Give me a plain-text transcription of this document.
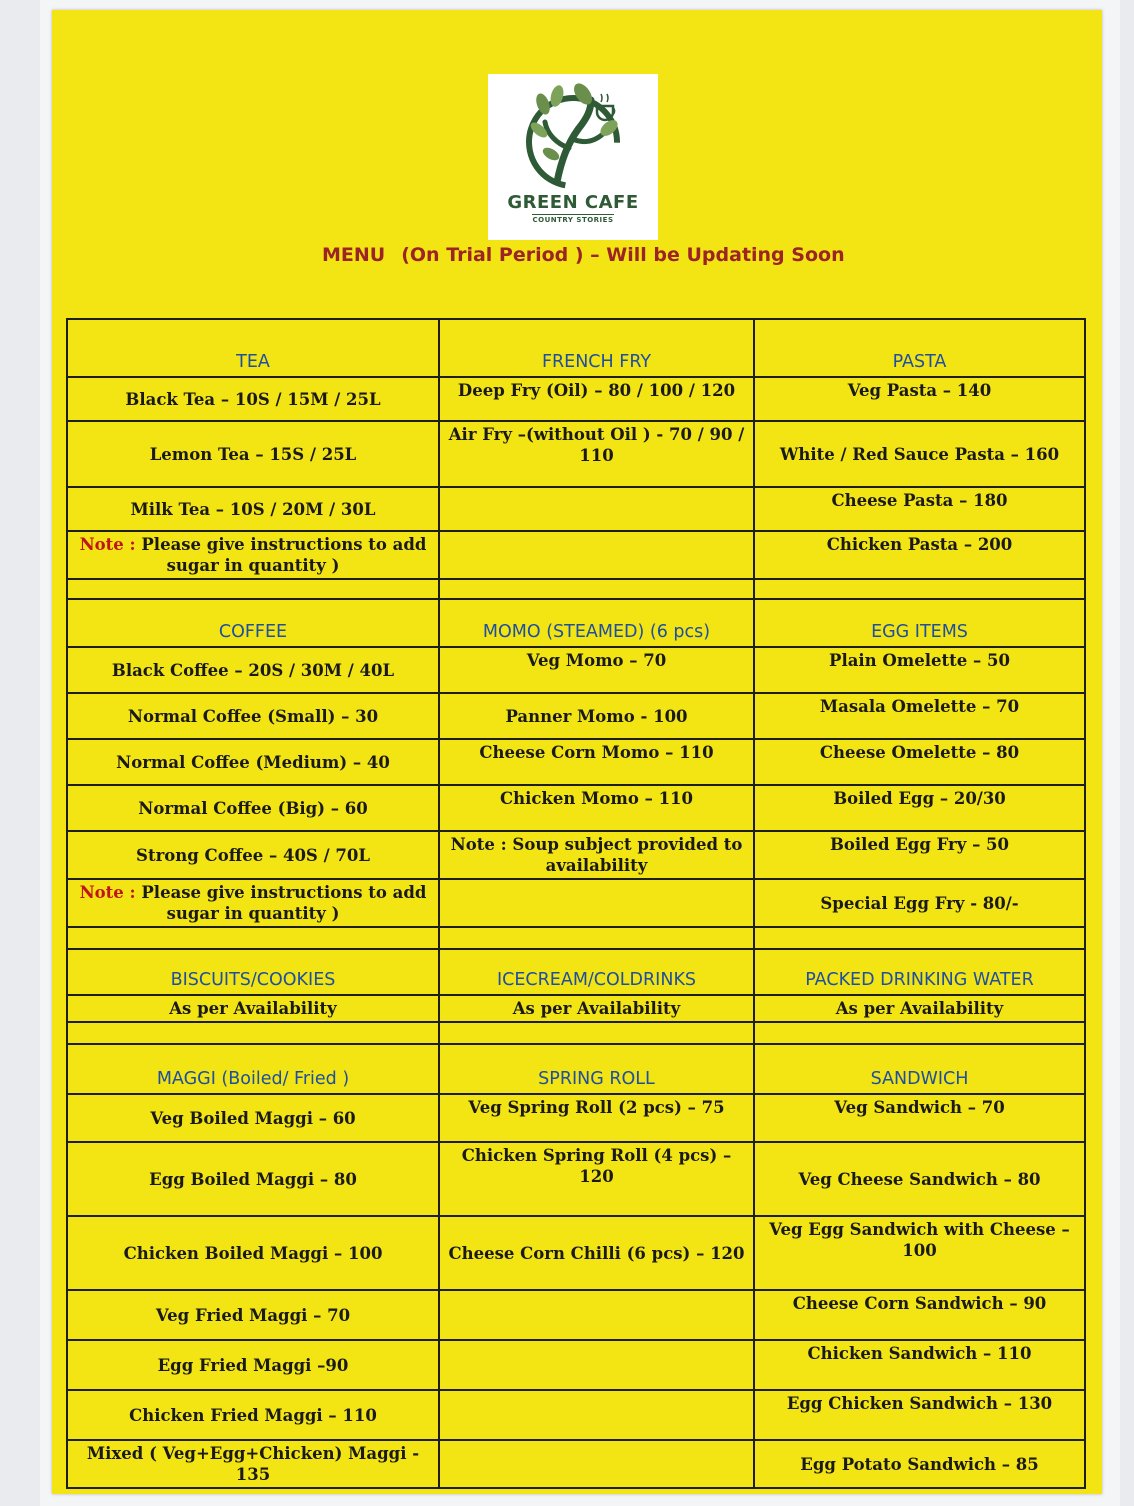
GREEN CAFE
COUNTRY STORIES
MENU (On Trial Period ) – Will be Updating Soon
TEA	FRENCH FRY	PASTA
Black Tea – 10S / 15M / 25L	Deep Fry (Oil) – 80 / 100 / 120	Veg Pasta – 140
Lemon Tea – 15S / 25L	Air Fry –(without Oil ) - 70 / 90 / 110	White / Red Sauce Pasta – 160
Milk Tea – 10S / 20M / 30L		Cheese Pasta – 180
Note : Please give instructions to add sugar in quantity )		Chicken Pasta – 200

COFFEE	MOMO (STEAMED) (6 pcs)	EGG ITEMS
Black Coffee – 20S / 30M / 40L	Veg Momo – 70	Plain Omelette – 50
Normal Coffee (Small) – 30	Panner Momo - 100	Masala Omelette – 70
Normal Coffee (Medium) – 40	Cheese Corn Momo – 110	Cheese Omelette – 80
Normal Coffee (Big) – 60	Chicken Momo – 110	Boiled Egg – 20/30
Strong Coffee – 40S / 70L	Note : Soup subject provided to availability	Boiled Egg Fry – 50
Note : Please give instructions to add sugar in quantity )		Special Egg Fry - 80/-

BISCUITS/COOKIES	ICECREAM/COLDRINKS	PACKED DRINKING WATER
As per Availability	As per Availability	As per Availability

MAGGI (Boiled/ Fried )	SPRING ROLL	SANDWICH
Veg Boiled Maggi – 60	Veg Spring Roll (2 pcs) – 75	Veg Sandwich – 70
Egg Boiled Maggi – 80	Chicken Spring Roll (4 pcs) – 120	Veg Cheese Sandwich – 80
Chicken Boiled Maggi – 100	Cheese Corn Chilli (6 pcs) – 120	Veg Egg Sandwich with Cheese – 100
Veg Fried Maggi – 70		Cheese Corn Sandwich – 90
Egg Fried Maggi –90		Chicken Sandwich – 110
Chicken Fried Maggi – 110		Egg Chicken Sandwich – 130
Mixed ( Veg+Egg+Chicken) Maggi - 135		Egg Potato Sandwich – 85
